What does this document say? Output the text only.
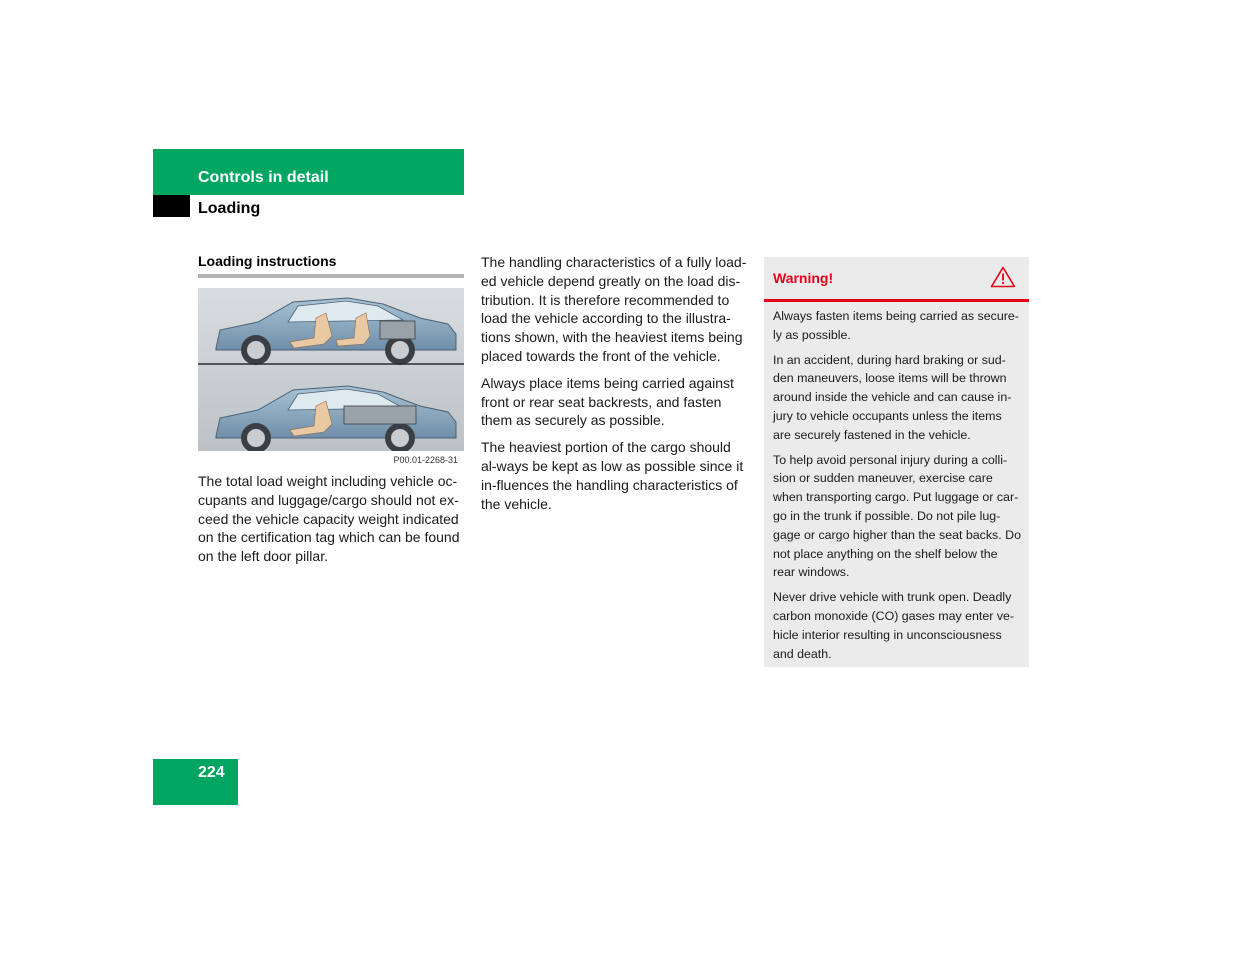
Controls in detail
Loading
Loading instructions
P00.01-2268-31

The total load weight including vehicle oc-cupants and luggage/cargo should not ex-ceed the vehicle capacity weight indicated on the certification tag which can be found on the left door pillar.

The handling characteristics of a fully load-ed vehicle depend greatly on the load dis-tribution. It is therefore recommended to load the vehicle according to the illustra-tions shown, with the heaviest items being placed towards the front of the vehicle.

Always place items being carried against front or rear seat backrests, and fasten them as securely as possible.

The heaviest portion of the cargo should al-ways be kept as low as possible since it in-fluences the handling characteristics of the vehicle.

Warning!

Always fasten items being carried as secure-ly as possible.

In an accident, during hard braking or sud-den maneuvers, loose items will be thrown around inside the vehicle and can cause in-jury to vehicle occupants unless the items are securely fastened in the vehicle.

To help avoid personal injury during a colli-sion or sudden maneuver, exercise care when transporting cargo. Put luggage or car-go in the trunk if possible. Do not pile lug-gage or cargo higher than the seat backs. Do not place anything on the shelf below the rear windows.

Never drive vehicle with trunk open. Deadly carbon monoxide (CO) gases may enter ve-hicle interior resulting in unconsciousness and death.

224
